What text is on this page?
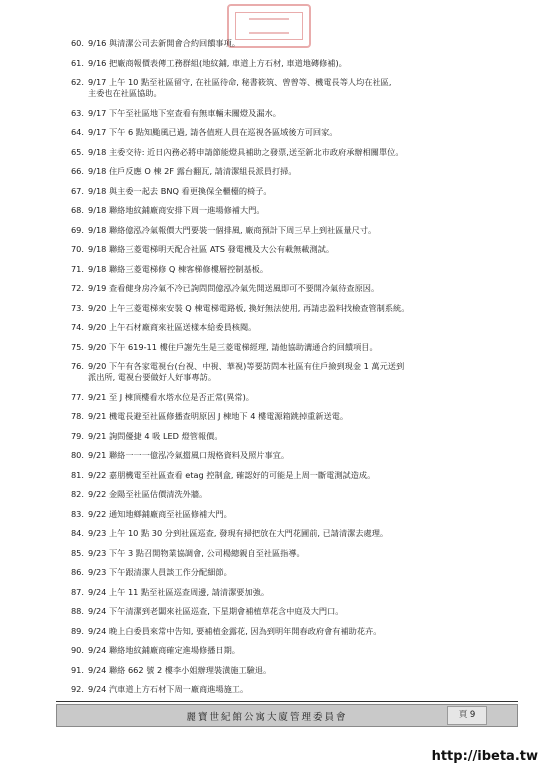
60. 9/16 與清潔公司去新開會合約回饋事項。
61. 9/16 把廠商報價表傳工務群組(地紋鋪, 車道上方石材, 車道地磚修補)。
62. 9/17 上午 10 點至社區留守, 在社區待命, 秘書筱筑、曾曾等、機電長等人均在社區,
主委也在社區協助。
63. 9/17 下午至社區地下室查看有無車輛未關燈及漏水。
64. 9/17 下午 6 點知颱風已過, 請各值班人員在巡視各區域後方可回家。
65. 9/18 主委交待: 近日內務必將申請節能燈具補助之發票,送至新北市政府承辦相關單位。
66. 9/18 住戶反應 O 棟 2F 露台翻瓦, 請清潔組長派員打掃。
67. 9/18 與主委一起去 BNQ 看更換保全櫃檯的椅子。
68. 9/18 聯絡地紋鋪廠商安排下周一進場修補大門。
69. 9/18 聯絡億泓冷氣報價大門要裝一個排風, 廠商預計下周三早上到社區量尺寸。
70. 9/18 聯絡三菱電梯明天配合社區 ATS 發電機及大公有載無載測試。
71. 9/18 聯絡三菱電梯修 Q 棟客梯修樓層控制基板。
72. 9/19 查看健身房冷氣不冷已詢問問億泓冷氣先開送風即可不要開冷氣待查原因。
73. 9/20 上午三菱電梯來安裝 Q 棟電梯電路板, 換好無法使用, 再請忠盈料找檢查管制系統。
74. 9/20 上午石材廠商來社區送樣本給委員核閱。
75. 9/20 下午 619-11 樓住戶謝先生是三菱電梯經理, 請他協助溝通合約回饋項目。
76. 9/20 下午有各家電視台(台視、中視、華視)等要訪問本社區有住戶撿到現金 1 萬元送到
派出所, 電視台要做好人好事專訪。
77. 9/21 至 J 棟頂樓看水塔水位是否正常(異常)。
78. 9/21 機電長避至社區修播查明原因 J 棟地下 4 樓電源箱跳掉重新送電。
79. 9/21 詢問優捷 4 吸 LED 燈管報價。
80. 9/21 聯絡一一一億泓冷氣擋風口規格資料及照片事宜。
81. 9/22 嘉朋機電至社區查看 etag 控制盒, 確認好的可能是上周一斷電測試造成。
82. 9/22 金陽至社區估價清洗外牆。
83. 9/22 通知地鄉鋪廠商至社區修補大門。
84. 9/23 上午 10 點 30 分到社區巡查, 發現有掃把放在大門花圃前, 已請清潔去處理。
85. 9/23 下午 3 點召開物業協調會, 公司楊總親自至社區指導。
86. 9/23 下午跟清潔人員談工作分配細節。
87. 9/24 上午 11 點至社區巡查周邊, 請清潔要加強。
88. 9/24 下午清潔到老闆來社區巡查, 下星期會補植草花含中庭及大門口。
89. 9/24 晚上白委員來常中告知, 要補植金露花, 因為到明年開春政府會有補助花卉。
90. 9/24 聯絡地紋鋪廠商確定進場修播日期。
91. 9/24 聯絡 662 號 2 樓李小姐辦理裝潢施工驗退。
92. 9/24 汽車道上方石材下周一廠商進場施工。
麗寶世紀館公寓大廈管理委員會	頁 9
http://ibeta.tw
